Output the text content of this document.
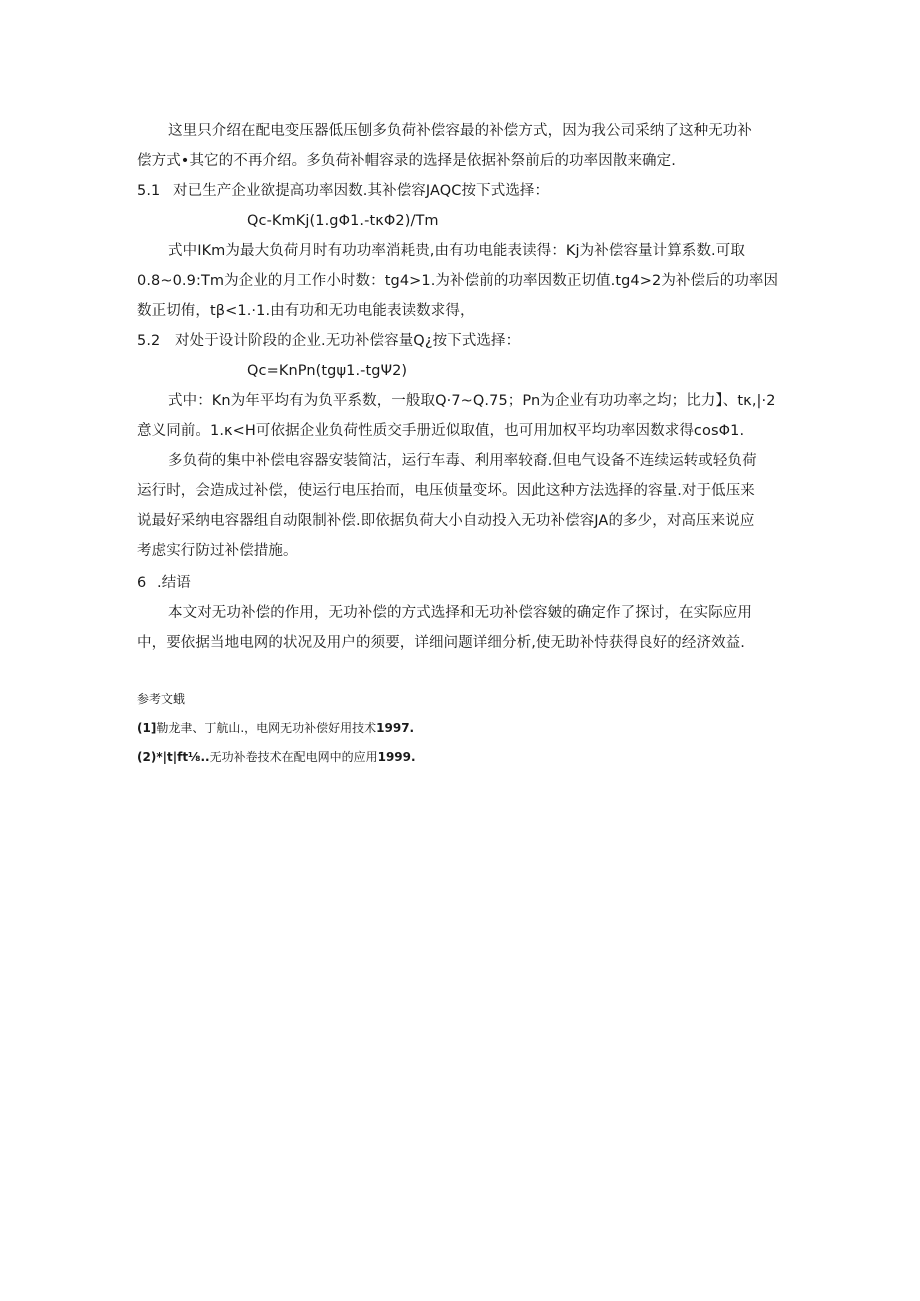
这里只介绍在配电变压器低压刨多负荷补偿容最的补偿方式，因为我公司采纳了这种无功补
偿方式•其它的不再介绍。多负荷补帽容录的选择是依据补祭前后的功率因散来确定.
5.1 对已生产企业欲提高功率因数.其补偿容JAQC按下式选择：
Qc-KmKj(1.gΦ1.-tκΦ2)/Tm
式中IKm为最大负荷月时有功功率消耗贵,由有功电能表读得：Kj为补偿容量计算系数.可取
0.8~0.9:Tm为企业的月工作小时数：tg4>1.为补偿前的功率因数正切值.tg4>2为补偿后的功率因
数正切侑，tβ<1.·1.由有功和无功电能表读数求得，
5.2 对处于设计阶段的企业.无功补偿容量Q¿按下式选择：
Qc=KnPn(tgψ1.-tgΨ2)
式中：Kn为年平均有为负平系数，一般取Q·7~Q.75；Pn为企业有功功率之均；比力】、tκ,|·2
意义同前。1.κ<H可依据企业负荷性质交手册近似取值，也可用加权平均功率因数求得cosΦ1.
多负荷的集中补偿电容器安装简沽，运行车毒、利用率较裔.但电气设备不连续运转或轻负荷
运行时，会造成过补偿，使运行电压抬而，电压侦量变坏。因此这种方法选择的容量.对于低压来
说最好采纳电容器组自动限制补偿.即依据负荷大小自动投入无功补偿容JA的多少，对高压来说应
考虑实行防过补偿措施。
6 .结语
本文对无功补偿的作用，无功补偿的方式选择和无功补偿容皴的确定作了探讨，在实际应用
中，要依据当地电网的状况及用户的须要，详细问题详细分析,使无助补恃获得良好的经济效益.
参考文蛾
(1]勒龙聿、丁航山.，电网无功补偿好用技术1997.
(2)*|t|ft⅛..无功补卷技术在配电网中的应用1999.
